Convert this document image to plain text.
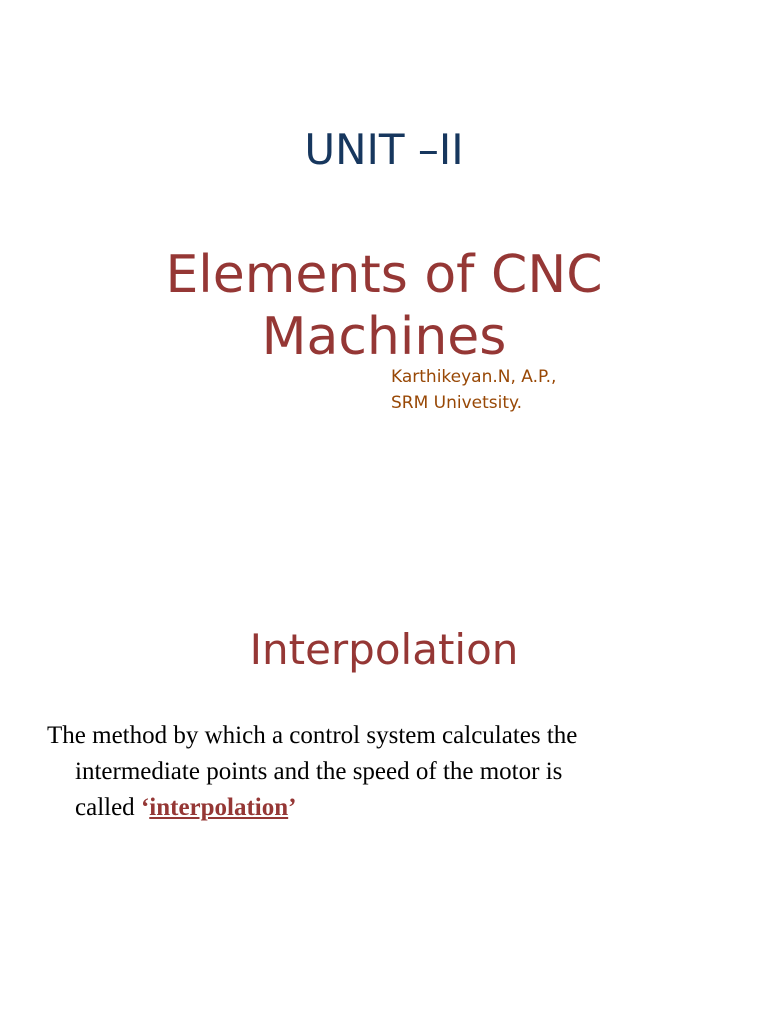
UNIT –II
Elements of CNC
Machines
Karthikeyan.N, A.P.,
SRM Univetsity.
Interpolation

The method by which a control system calculates the
intermediate points and the speed of the motor is
called ‘interpolation’
